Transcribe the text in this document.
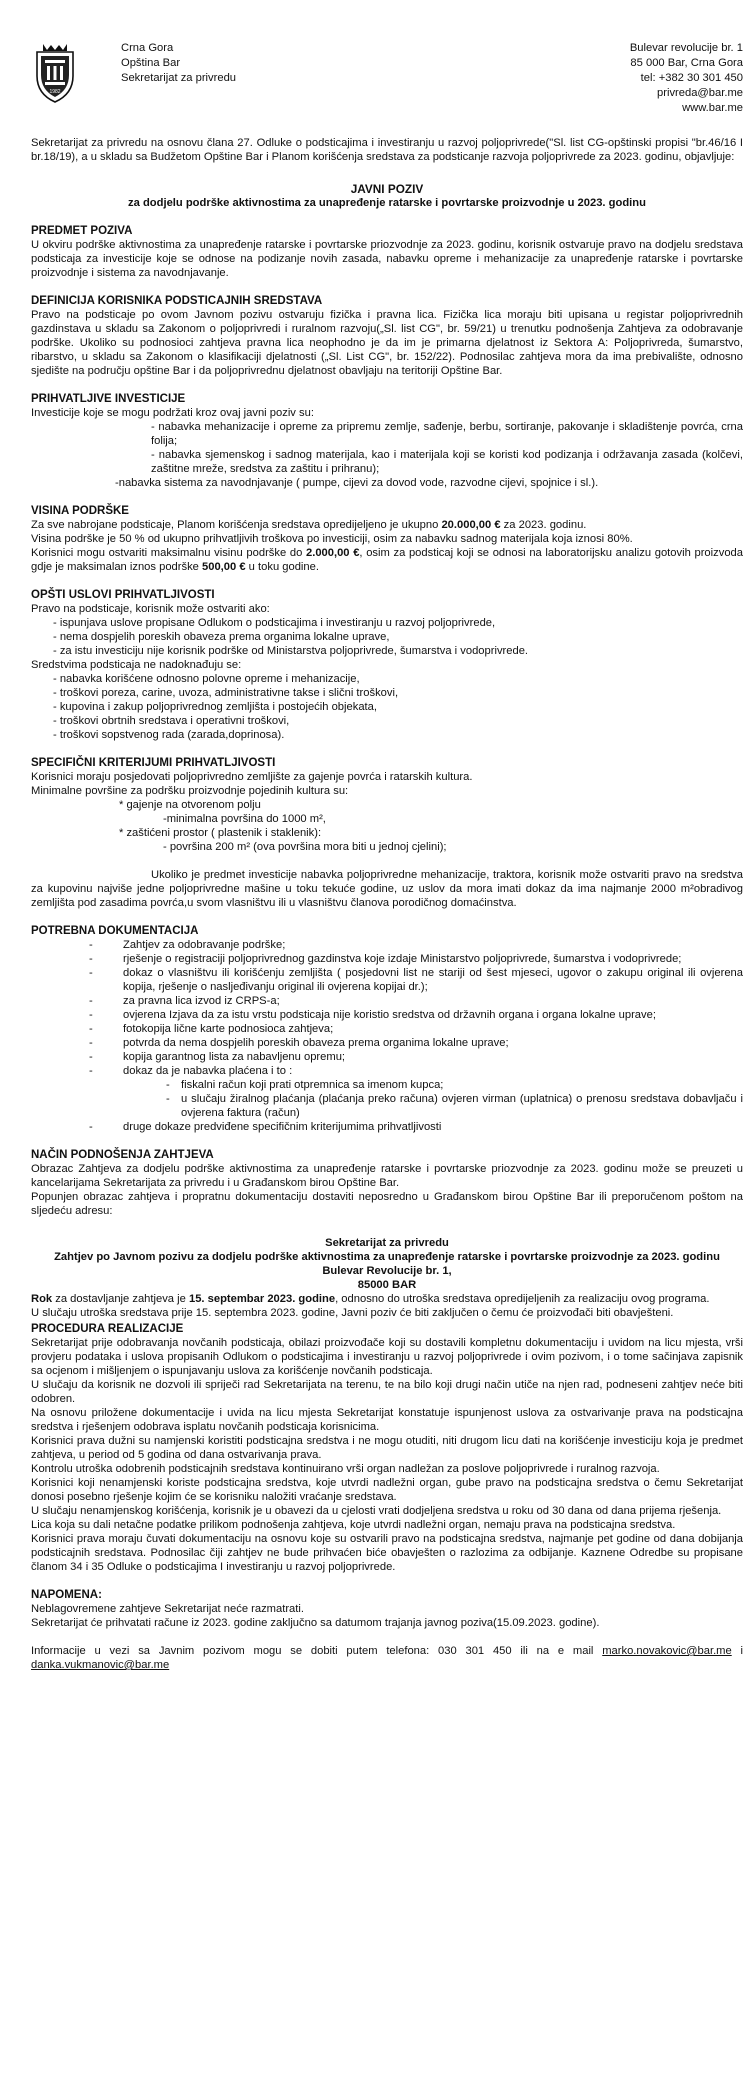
1982
Crna Gora
Opština Bar
Sekretarijat za privredu
Bulevar revolucije br. 1
85 000 Bar, Crna Gora
tel: +382 30 301 450
privreda@bar.me
www.bar.me

Sekretarijat za privredu na osnovu člana 27. Odluke o podsticajima i investiranju u razvoj poljoprivrede("Sl. list CG-opštinski propisi "br.46/16 I br.18/19), a u skladu sa Budžetom Opštine Bar i Planom korišćenja sredstava za podsticanje razvoja poljoprivrede za 2023. godinu, objavljuje:

JAVNI POZIV
za dodjelu podrške aktivnostima za unapređenje ratarske i povrtarske proizvodnje u 2023. godinu
PREDMET POZIVA

U okviru podrške aktivnostima za unapređenje ratarske i povrtarske priozvodnje za 2023. godinu, korisnik ostvaruje pravo na dodjelu sredstava podsticaja za investicije koje se odnose na podizanje novih zasada, nabavku opreme i mehanizacije za unapređenje ratarske i povrtarske proizvodnje i sistema za navodnjavanje.

DEFINICIJA KORISNIKA PODSTICAJNIH SREDSTAVA

Pravo na podsticaje po ovom Javnom pozivu ostvaruju fizička i pravna lica. Fizička lica moraju biti upisana u registar poljoprivrednih gazdinstava u skladu sa Zakonom o poljoprivredi i ruralnom razvoju(„Sl. list CG", br. 59/21) u trenutku podnošenja Zahtjeva za odobravanje podrške. Ukoliko su podnosioci zahtjeva pravna lica neophodno je da im je primarna djelatnost iz Sektora A: Poljoprivreda, šumarstvo, ribarstvo, u skladu sa Zakonom o klasifikaciji djelatnosti („Sl. List CG", br. 152/22). Podnosilac zahtjeva mora da ima prebivalište, odnosno sjedište na području opštine Bar i da poljoprivrednu djelatnost obavljaju na teritoriji Opštine Bar.

PRIHVATLJIVE INVESTICIJE

Investicije koje se mogu podržati kroz ovaj javni poziv su:

- nabavka mehanizacije i opreme za pripremu zemlje, sađenje, berbu, sortiranje, pakovanje i skladištenje povrća, crna folija;

- nabavka sjemenskog i sadnog materijala, kao i materijala koji se koristi kod podizanja i održavanja zasada (kolčevi, zaštitne mreže, sredstva za zaštitu i prihranu);

-nabavka sistema za navodnjavanje ( pumpe, cijevi za dovod vode, razvodne cijevi, spojnice i sl.).

VISINA PODRŠKE

Za sve nabrojane podsticaje, Planom korišćenja sredstava opredijeljeno je ukupno 20.000,00 € za 2023. godinu.

Visina podrške je 50 % od ukupno prihvatljivih troškova po investiciji, osim za nabavku sadnog materijala koja iznosi 80%.

Korisnici mogu ostvariti maksimalnu visinu podrške do 2.000,00 €, osim za podsticaj koji se odnosi na laboratorijsku analizu gotovih proizvoda gdje je maksimalan iznos podrške 500,00 € u toku godine.

OPŠTI USLOVI PRIHVATLJIVOSTI

Pravo na podsticaje, korisnik može ostvariti ako:

- ispunjava uslove propisane Odlukom o podsticajima i investiranju u razvoj poljoprivrede,

- nema dospjelih poreskih obaveza prema organima lokalne uprave,

- za istu investiciju nije korisnik podrške od Ministarstva poljoprivrede, šumarstva i vodoprivrede.

Sredstvima podsticaja ne nadoknađuju se:

- nabavka korišćene odnosno polovne opreme i mehanizacije,

- troškovi poreza, carine, uvoza, administrativne takse i slični troškovi,

- kupovina i zakup poljoprivrednog zemljišta i postojećih objekata,

- troškovi obrtnih sredstava i operativni troškovi,

- troškovi sopstvenog rada (zarada,doprinosa).

SPECIFIČNI KRITERIJUMI PRIHVATLJIVOSTI

Korisnici moraju posjedovati poljoprivredno zemljište za gajenje povrća i ratarskih kultura.

Minimalne površine za podršku proizvodnje pojedinih kultura su:

* gajenje na otvorenom polju

-minimalna površina do 1000 m²,

* zaštićeni prostor ( plastenik i staklenik):

- površina 200 m² (ova površina mora biti u jednoj cjelini);

Ukoliko je predmet investicije nabavka poljoprivredne mehanizacije, traktora, korisnik može ostvariti pravo na sredstva za kupovinu najviše jedne poljoprivredne mašine u toku tekuće godine, uz uslov da mora imati dokaz da ima najmanje 2000 m²obradivog zemljišta pod zasadima povrća,u svom vlasništvu ili u vlasništvu članova porodičnog domaćinstva.

POTREBNA DOKUMENTACIJA
- Zahtjev za odobravanje podrške;
- rješenje o registraciji poljoprivrednog gazdinstva koje izdaje Ministarstvo poljoprivrede, šumarstva i vodoprivrede;
- dokaz o vlasništvu ili korišćenju zemljišta ( posjedovni list ne stariji od šest mjeseci, ugovor o zakupu original ili ovjerena kopija, rješenje o nasljeđivanju original ili ovjerena kopijai dr.);
- za pravna lica izvod iz CRPS-a;
- ovjerena Izjava da za istu vrstu podsticaja nije koristio sredstva od državnih organa i organa lokalne uprave;
- fotokopija lične karte podnosioca zahtjeva;
- potvrda da nema dospjelih poreskih obaveza prema organima lokalne uprave;
- kopija garantnog lista za nabavljenu opremu;
- dokaz da je nabavka plaćena i to :
- fiskalni račun koji prati otpremnica sa imenom kupca;
- u slučaju žiralnog plaćanja (plaćanja preko računa) ovjeren virman (uplatnica) o prenosu sredstava dobavljaču i ovjerena faktura (račun)
- druge dokaze predviđene specifičnim kriterijumima prihvatljivosti
NAČIN PODNOŠENJA ZAHTJEVA

Obrazac Zahtjeva za dodjelu podrške aktivnostima za unapređenje ratarske i povrtarske priozvodnje za 2023. godinu može se preuzeti u kancelarijama Sekretarijata za privredu i u Građanskom birou Opštine Bar.

Popunjen obrazac zahtjeva i propratnu dokumentaciju dostaviti neposredno u Građanskom birou Opštine Bar ili preporučenom poštom na sljedeću adresu:

Sekretarijat za privredu
Zahtjev po Javnom pozivu za dodjelu podrške aktivnostima za unapređenje ratarske i povrtarske proizvodnje za 2023. godinu
Bulevar Revolucije br. 1,
85000 BAR

Rok za dostavljanje zahtjeva je 15. septembar 2023. godine, odnosno do utroška sredstava opredijeljenih za realizaciju ovog programa.

U slučaju utroška sredstava prije 15. septembra 2023. godine, Javni poziv će biti zaključen o čemu će proizvođači biti obavješteni.

PROCEDURA REALIZACIJE

Sekretarijat prije odobravanja novčanih podsticaja, obilazi proizvođače koji su dostavili kompletnu dokumentaciju i uvidom na licu mjesta, vrši provjeru podataka i uslova propisanih Odlukom o podsticajima i investiranju u razvoj poljoprivrede i ovim pozivom, i o tome sačinjava zapisnik sa ocjenom i mišljenjem o ispunjavanju uslova za korišćenje novčanih podsticaja.

U slučaju da korisnik ne dozvoli ili spriječi rad Sekretarijata na terenu, te na bilo koji drugi način utiče na njen rad, podneseni zahtjev neće biti odobren.

Na osnovu priložene dokumentacije i uvida na licu mjesta Sekretarijat konstatuje ispunjenost uslova za ostvarivanje prava na podsticajna sredstva i rješenjem odobrava isplatu novčanih podsticaja korisnicima.

Korisnici prava dužni su namjenski koristiti podsticajna sredstva i ne mogu otuditi, niti drugom licu dati na korišćenje investiciju koja je predmet zahtjeva, u period od 5 godina od dana ostvarivanja prava.

Kontrolu utroška odobrenih podsticajnih sredstava kontinuirano vrši organ nadležan za poslove poljoprivrede i ruralnog razvoja.

Korisnici koji nenamjenski koriste podsticajna sredstva, koje utvrdi nadležni organ, gube pravo na podsticajna sredstva o čemu Sekretarijat donosi posebno rješenje kojim će se korisniku naložiti vraćanje sredstava.

U slučaju nenamjenskog korišćenja, korisnik je u obavezi da u cjelosti vrati dodjeljena sredstva u roku od 30 dana od dana prijema rješenja.

Lica koja su dali netačne podatke prilikom podnošenja zahtjeva, koje utvrdi nadležni organ, nemaju prava na podsticajna sredstva.

Korisnici prava moraju čuvati dokumentaciju na osnovu koje su ostvarili pravo na podsticajna sredstva, najmanje pet godine od dana dobijanja podsticajnih sredstava. Podnosilac čiji zahtjev ne bude prihvaćen biće obavješten o razlozima za odbijanje. Kaznene Odredbe su propisane članom 34 i 35 Odluke o podsticajima I investiranju u razvoj poljoprivrede.

NAPOMENA:

Neblagovremene zahtjeve Sekretarijat neće razmatrati.

Sekretarijat će prihvatati račune iz 2023. godine zaključno sa datumom trajanja javnog poziva(15.09.2023. godine).

Informacije u vezi sa Javnim pozivom mogu se dobiti putem telefona: 030 301 450 ili na e mail marko.novakovic@bar.me i danka.vukmanovic@bar.me
